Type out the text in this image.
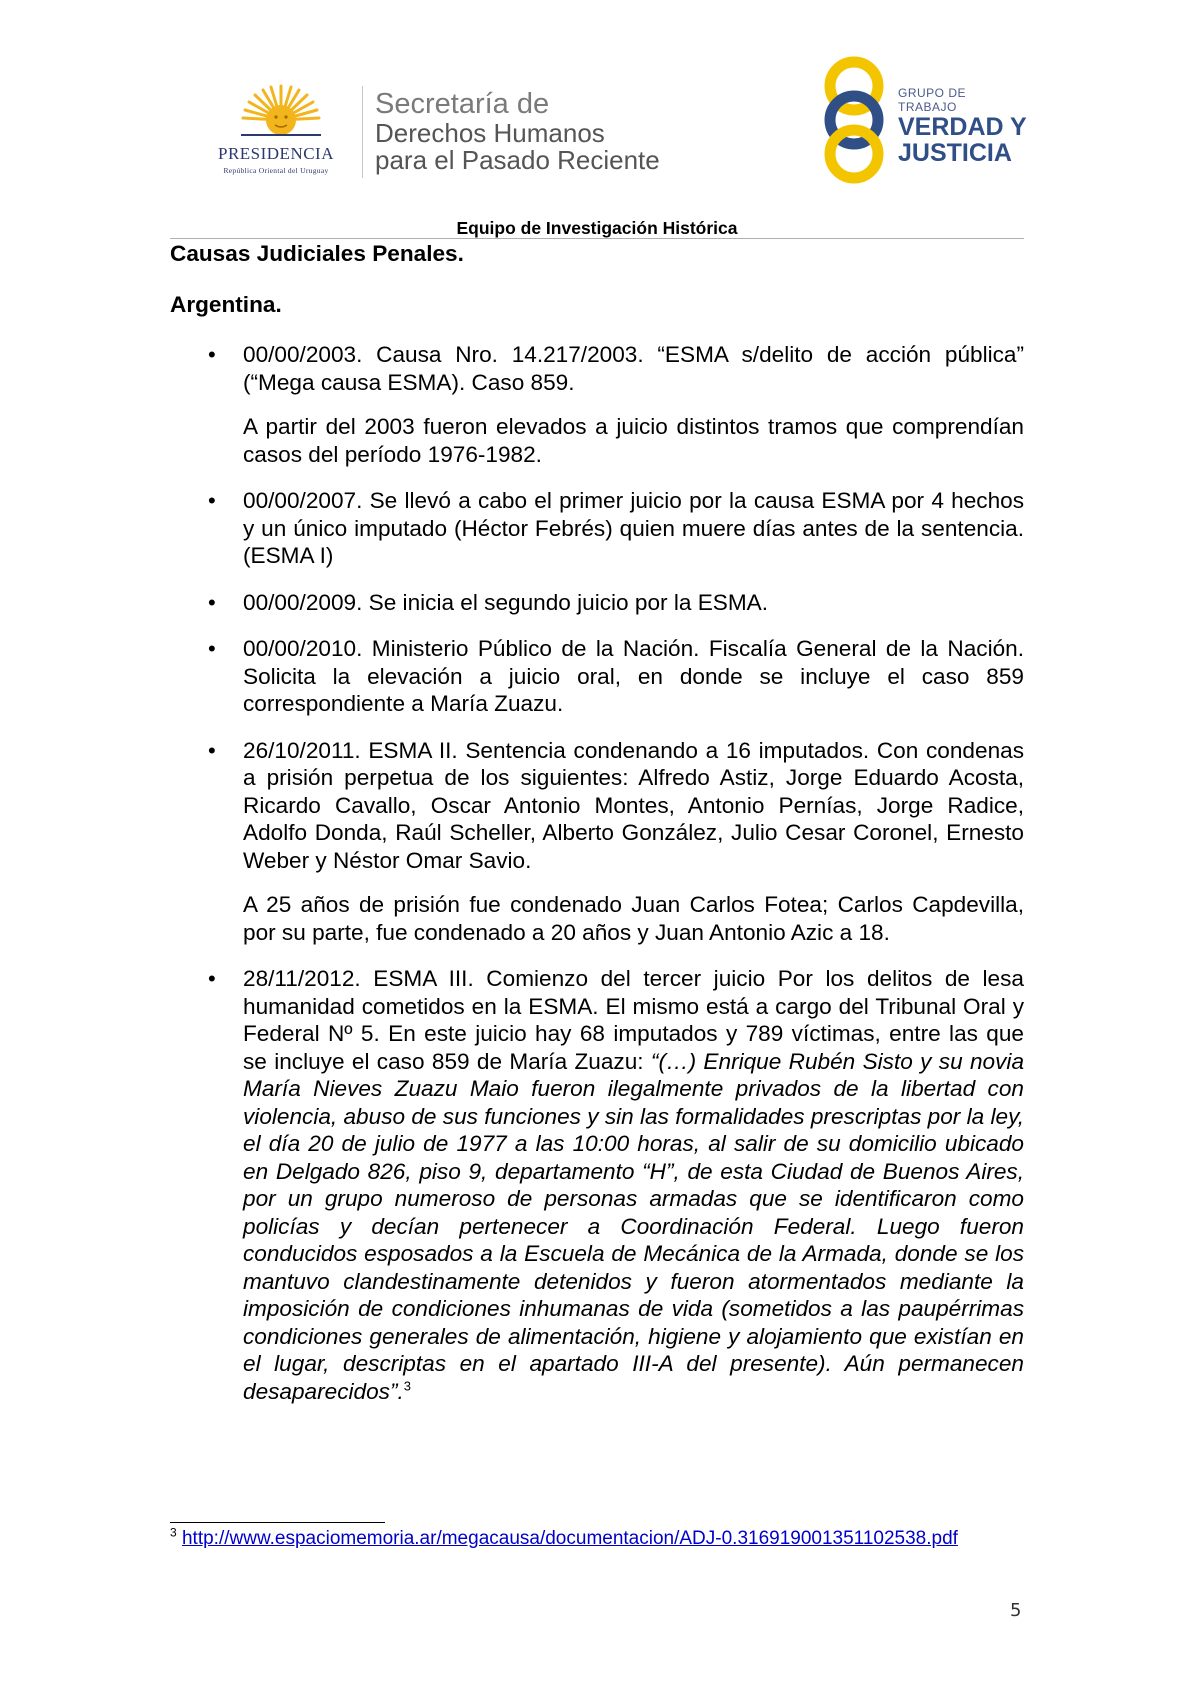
PRESIDENCIA
República Oriental del Uruguay
Secretaría de
Derechos Humanos
para el Pasado Reciente
GRUPO DE TRABAJO
VERDAD Y
JUSTICIA
Equipo de Investigación Histórica
Causas Judiciales Penales.
Argentina.
• 00/00/2003. Causa Nro. 14.217/2003. “ESMA s/delito de acción pública” (“Mega causa ESMA). Caso 859.

A partir del 2003 fueron elevados a juicio distintos tramos que comprendían casos del período 1976-1982.

• 00/00/2007. Se llevó a cabo el primer juicio por la causa ESMA por 4 hechos y un único imputado (Héctor Febrés) quien muere días antes de la sentencia. (ESMA I)

• 00/00/2009. Se inicia el segundo juicio por la ESMA.

• 00/00/2010. Ministerio Público de la Nación. Fiscalía General de la Nación. Solicita la elevación a juicio oral, en donde se incluye el caso 859 correspondiente a María Zuazu.

• 26/10/2011. ESMA II. Sentencia condenando a 16 imputados. Con condenas a prisión perpetua de los siguientes: Alfredo Astiz, Jorge Eduardo Acosta, Ricardo Cavallo, Oscar Antonio Montes, Antonio Pernías, Jorge Radice, Adolfo Donda, Raúl Scheller, Alberto González, Julio Cesar Coronel, Ernesto Weber y Néstor Omar Savio.

A 25 años de prisión fue condenado Juan Carlos Fotea; Carlos Capdevilla, por su parte, fue condenado a 20 años y Juan Antonio Azic a 18.

• 28/11/2012. ESMA III. Comienzo del tercer juicio Por los delitos de lesa humanidad cometidos en la ESMA. El mismo está a cargo del Tribunal Oral y Federal Nº 5. En este juicio hay 68 imputados y 789 víctimas, entre las que se incluye el caso 859 de María Zuazu: “(…) Enrique Rubén Sisto y su novia María Nieves Zuazu Maio fueron ilegalmente privados de la libertad con violencia, abuso de sus funciones y sin las formalidades prescriptas por la ley, el día 20 de julio de 1977 a las 10:00 horas, al salir de su domicilio ubicado en Delgado 826, piso 9, departamento “H”, de esta Ciudad de Buenos Aires, por un grupo numeroso de personas armadas que se identificaron como policías y decían pertenecer a Coordinación Federal. Luego fueron conducidos esposados a la Escuela de Mecánica de la Armada, donde se los mantuvo clandestinamente detenidos y fueron atormentados mediante la imposición de condiciones inhumanas de vida (sometidos a las paupérrimas condiciones generales de alimentación, higiene y alojamiento que existían en el lugar, descriptas en el apartado III-A del presente). Aún permanecen desaparecidos”.$^3$

$^3$ http://www.espaciomemoria.ar/megacausa/documentacion/ADJ-0.316919001351102538.pdf
5
